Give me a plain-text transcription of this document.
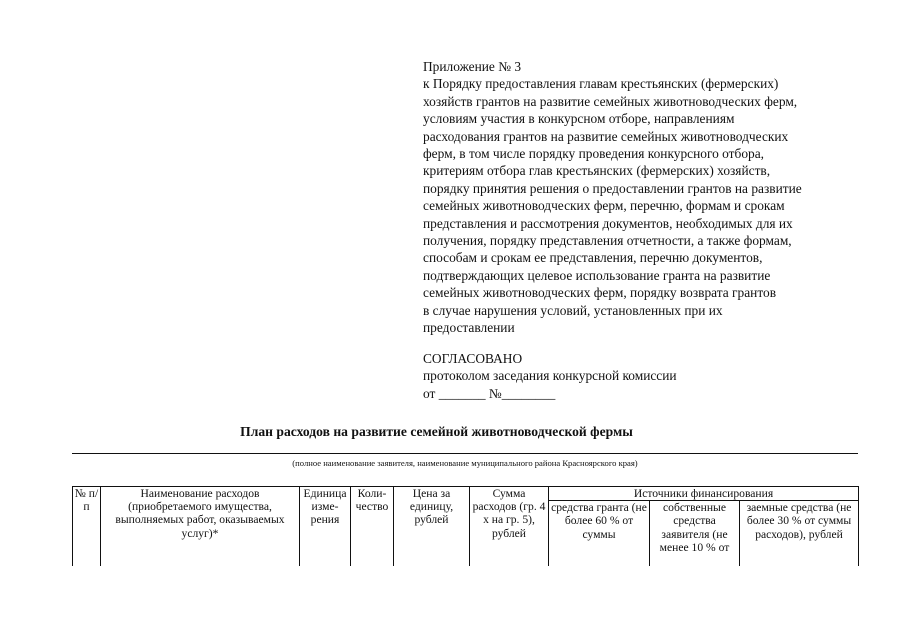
Приложение № 3
к Порядку предоставления главам крестьянских (фермерских)
хозяйств грантов на развитие семейных животноводческих ферм,
условиям участия в конкурсном отборе, направлениям
расходования грантов на развитие семейных животноводческих
ферм, в том числе порядку проведения конкурсного отбора,
критериям отбора глав крестьянских (фермерских) хозяйств,
порядку принятия решения о предоставлении грантов на развитие
семейных животноводческих ферм, перечню, формам и срокам
представления и рассмотрения документов, необходимых для их
получения, порядку представления отчетности, а также формам,
способам и срокам ее представления, перечню документов,
подтверждающих целевое использование гранта на развитие
семейных животноводческих ферм, порядку возврата грантов
в случае нарушения условий, установленных при их
предоставлении
СОГЛАСОВАНО
протоколом заседания конкурсной комиссии
от _______ №________
План расходов на развитие семейной животноводческой фермы
(полное наименование заявителя, наименование муниципального района Красноярского края)
№ п/п	Наименование расходов (приобретаемого имущества, выполняемых работ, оказываемых услуг)*	Единица изме-рения	Коли-чество	Цена за единицу, рублей	Сумма расходов (гр. 4 х на гр. 5), рублей	Источники финансирования		
						средства гранта (не более 60 % от суммы	собственные средства заявителя (не менее 10 % от	заемные средства (не более 30 % от суммы расходов), рублей
